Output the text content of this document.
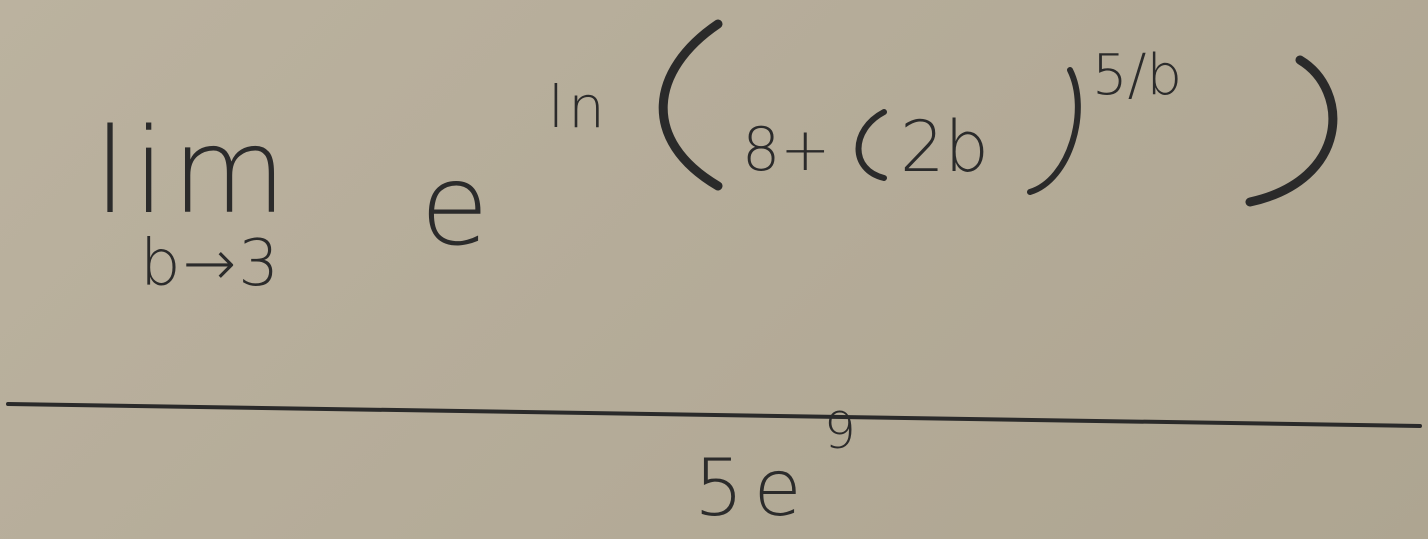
lim
b→3 e
ln
8+ 2b
5/b
5e
9
